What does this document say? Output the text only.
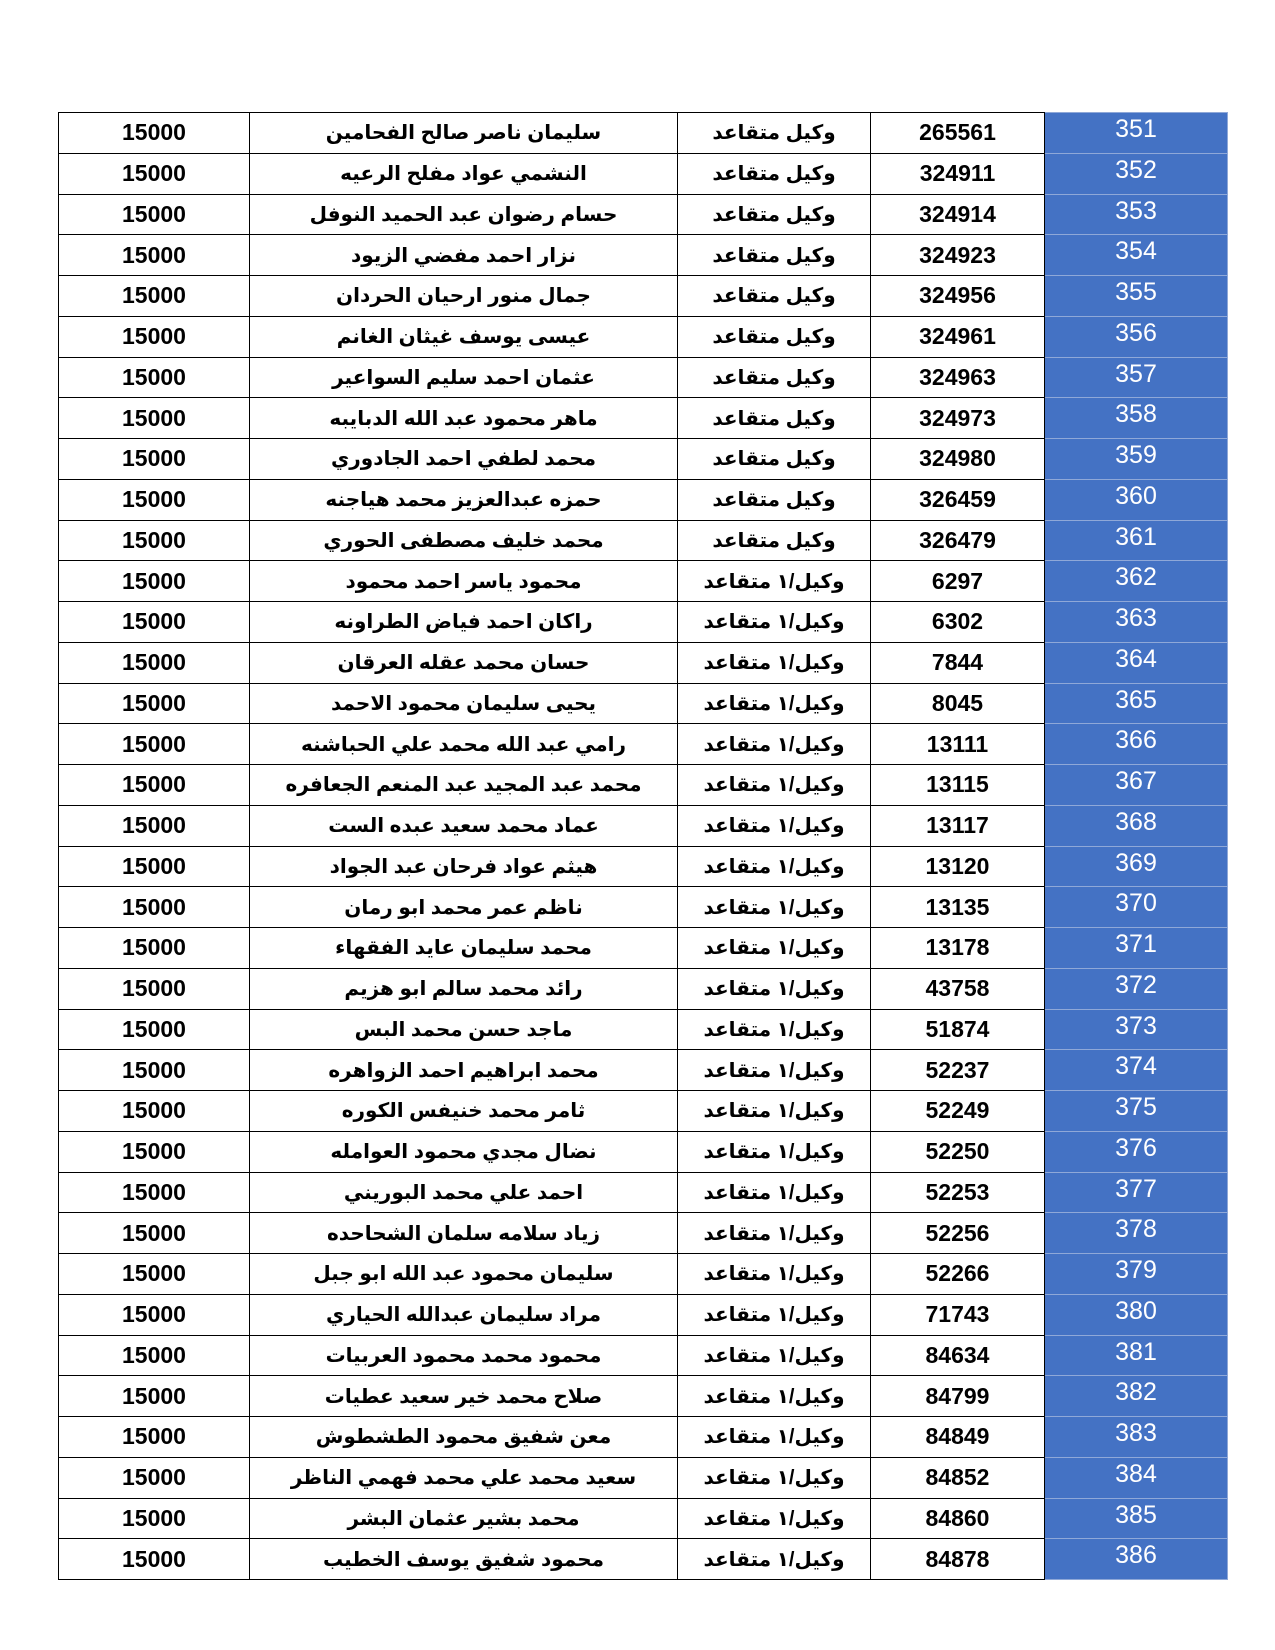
15000	سليمان ناصر صالح الفحامين	وكيل متقاعد	265561	351
15000	النشمي عواد مفلح الرعيه	وكيل متقاعد	324911	352
15000	حسام رضوان عبد الحميد النوفل	وكيل متقاعد	324914	353
15000	نزار احمد مفضي الزيود	وكيل متقاعد	324923	354
15000	جمال منور ارحيان الحردان	وكيل متقاعد	324956	355
15000	عيسى يوسف غيثان الغانم	وكيل متقاعد	324961	356
15000	عثمان احمد سليم السواعير	وكيل متقاعد	324963	357
15000	ماهر محمود عبد الله الدبايبه	وكيل متقاعد	324973	358
15000	محمد لطفي احمد الجادوري	وكيل متقاعد	324980	359
15000	حمزه عبدالعزيز محمد هياجنه	وكيل متقاعد	326459	360
15000	محمد خليف مصطفى الحوري	وكيل متقاعد	326479	361
15000	محمود ياسر احمد محمود	وكيل/١ متقاعد	6297	362
15000	راكان احمد فياض الطراونه	وكيل/١ متقاعد	6302	363
15000	حسان محمد عقله العرقان	وكيل/١ متقاعد	7844	364
15000	يحيى سليمان محمود الاحمد	وكيل/١ متقاعد	8045	365
15000	رامي عبد الله محمد علي الحباشنه	وكيل/١ متقاعد	13111	366
15000	محمد عبد المجيد عبد المنعم الجعافره	وكيل/١ متقاعد	13115	367
15000	عماد محمد سعيد عبده الست	وكيل/١ متقاعد	13117	368
15000	هيثم عواد فرحان عبد الجواد	وكيل/١ متقاعد	13120	369
15000	ناظم عمر محمد ابو رمان	وكيل/١ متقاعد	13135	370
15000	محمد سليمان عايد الفقهاء	وكيل/١ متقاعد	13178	371
15000	رائد محمد سالم ابو هزيم	وكيل/١ متقاعد	43758	372
15000	ماجد حسن محمد البس	وكيل/١ متقاعد	51874	373
15000	محمد ابراهيم احمد الزواهره	وكيل/١ متقاعد	52237	374
15000	ثامر محمد خنيفس الكوره	وكيل/١ متقاعد	52249	375
15000	نضال مجدي محمود العوامله	وكيل/١ متقاعد	52250	376
15000	احمد علي محمد البوريني	وكيل/١ متقاعد	52253	377
15000	زياد سلامه سلمان الشحاحده	وكيل/١ متقاعد	52256	378
15000	سليمان محمود عبد الله ابو جبل	وكيل/١ متقاعد	52266	379
15000	مراد سليمان عبدالله الحياري	وكيل/١ متقاعد	71743	380
15000	محمود محمد محمود العربيات	وكيل/١ متقاعد	84634	381
15000	صلاح محمد خير سعيد عطيات	وكيل/١ متقاعد	84799	382
15000	معن شفيق محمود الطشطوش	وكيل/١ متقاعد	84849	383
15000	سعيد محمد علي محمد فهمي الناظر	وكيل/١ متقاعد	84852	384
15000	محمد بشير عثمان البشر	وكيل/١ متقاعد	84860	385
15000	محمود شفيق يوسف الخطيب	وكيل/١ متقاعد	84878	386
